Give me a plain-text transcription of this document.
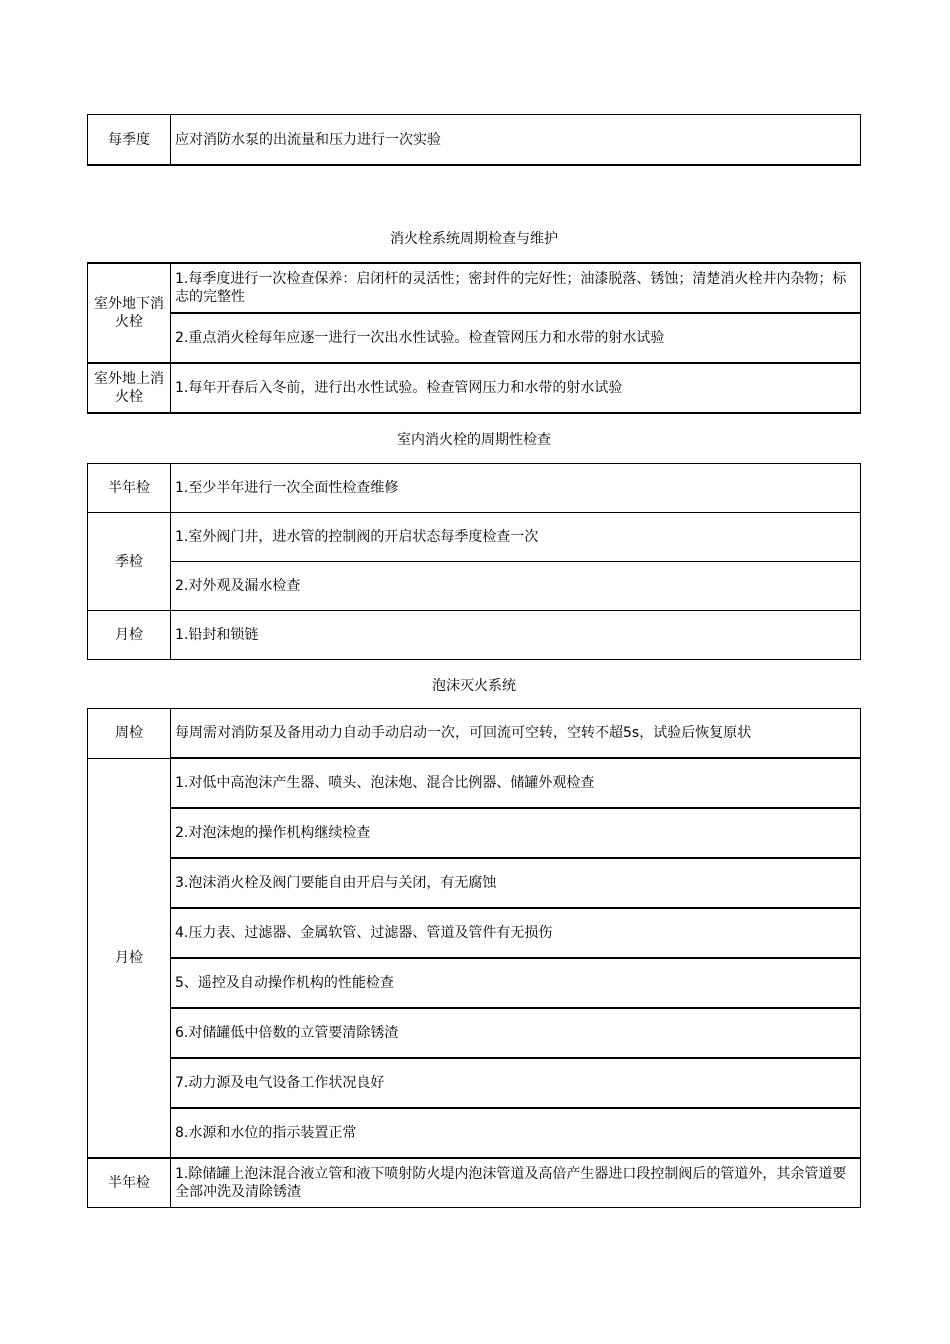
每季度	应对消防水泵的出流量和压力进行一次实验
消火栓系统周期检查与维护
室外地下消火栓	1.每季度进行一次检查保养：启闭杆的灵活性；密封件的完好性；油漆脱落、锈蚀；清楚消火栓井内杂物；标志的完整性
	2.重点消火栓每年应逐一进行一次出水性试验。检查管网压力和水带的射水试验
室外地上消火栓	1.每年开春后入冬前，进行出水性试验。检查管网压力和水带的射水试验
室内消火栓的周期性检查
半年检	1.至少半年进行一次全面性检查维修
季检	1.室外阀门井，进水管的控制阀的开启状态每季度检查一次
	2.对外观及漏水检查
月检	1.铅封和锁链
泡沫灭火系统
周检	每周需对消防泵及备用动力自动手动启动一次，可回流可空转，空转不超5s，试验后恢复原状
月检	1.对低中高泡沫产生器、喷头、泡沫炮、混合比例器、储罐外观检查
	2.对泡沫炮的操作机构继续检查
	3.泡沫消火栓及阀门要能自由开启与关闭，有无腐蚀
	4.压力表、过滤器、金属软管、过滤器、管道及管件有无损伤
	5、遥控及自动操作机构的性能检查
	6.对储罐低中倍数的立管要清除锈渣
	7.动力源及电气设备工作状况良好
	8.水源和水位的指示装置正常
半年检	1.除储罐上泡沫混合液立管和液下喷射防火堤内泡沫管道及高倍产生器进口段控制阀后的管道外，其余管道要全部冲洗及清除锈渣
